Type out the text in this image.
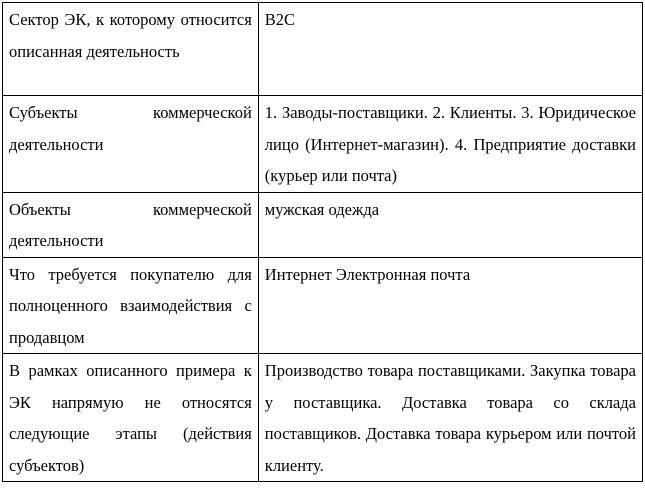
Сектор ЭК, к которому относится описанная деятельность	B2C

Субъекты коммерческой деятельности	1. Заводы-поставщики. 2. Клиенты. 3. Юридическое лицо (Интернет-магазин). 4. Предприятие доставки (курьер или почта)

Объекты коммерческой деятельности	мужская одежда

Что требуется покупателю для полноценного взаимодействия с продавцом	Интернет Электронная почта

В рамках описанного примера к ЭК напрямую не относятся следующие этапы (действия субъектов)	Производство товара поставщиками. Закупка товара у поставщика. Доставка товара со склада поставщиков. Доставка товара курьером или почтой клиенту.
